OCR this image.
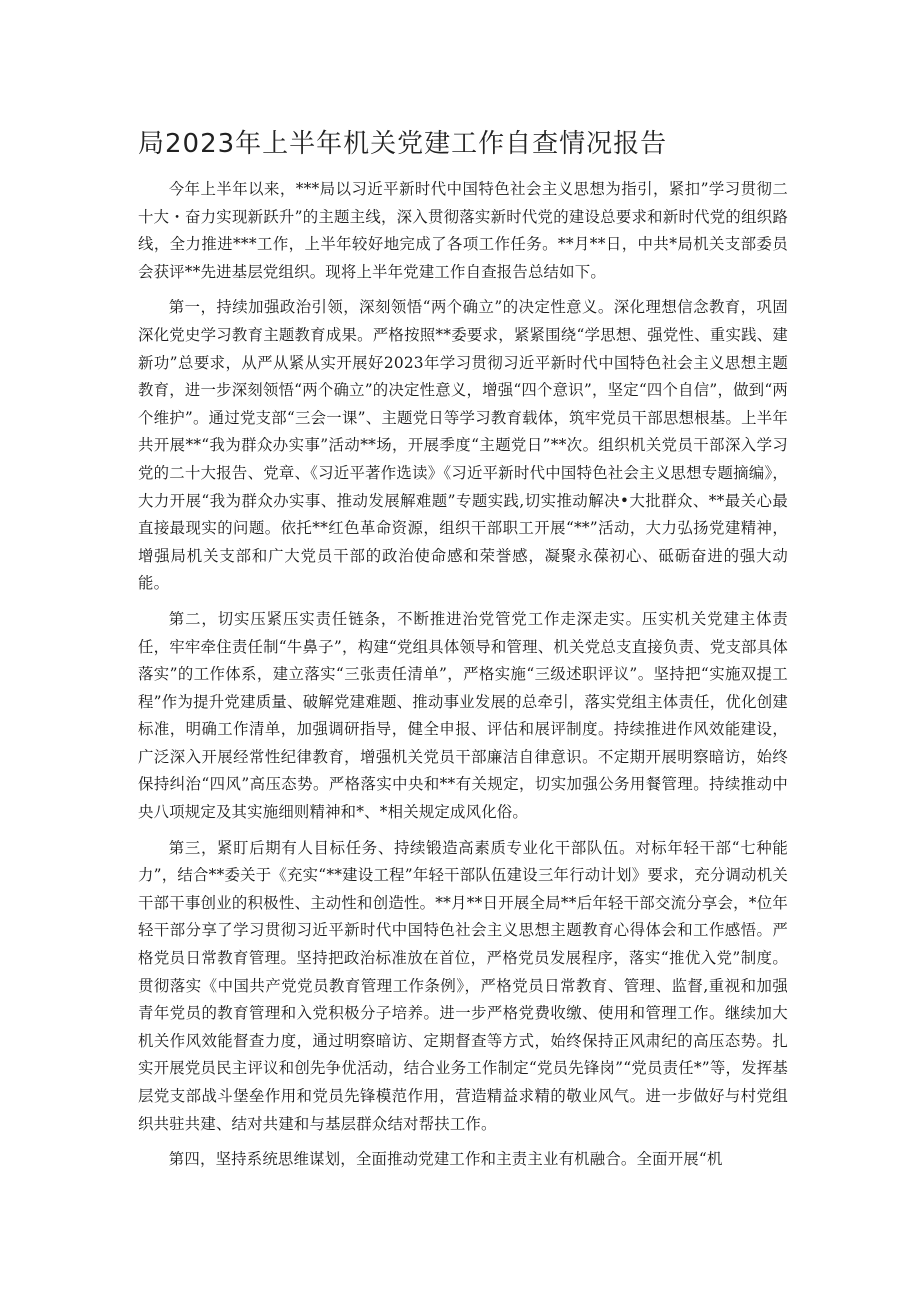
局2023年上半年机关党建工作自查情况报告

今年上半年以来，***局以习近平新时代中国特色社会主义思想为指引，紧扣”学习贯彻二十大・奋力实现新跃升”的主题主线，深入贯彻落实新时代党的建设总要求和新时代党的组织路线，全力推进***工作，上半年较好地完成了各项工作任务。**月**日，中共*局机关支部委员会获评**先进基层党组织。现将上半年党建工作自查报告总结如下。

第一，持续加强政治引领，深刻领悟“两个确立”的决定性意义。深化理想信念教育，巩固深化党史学习教育主题教育成果。严格按照**委要求，紧紧围绕“学思想、强党性、重实践、建新功”总要求，从严从紧从实开展好2023年学习贯彻习近平新时代中国特色社会主义思想主题教育，进一步深刻领悟“两个确立”的决定性意义，增强“四个意识”，坚定“四个自信”，做到“两个维护”。通过党支部“三会一课”、主题党日等学习教育载体，筑牢党员干部思想根基。上半年共开展**“我为群众办实事”活动**场，开展季度“主题党日”**次。组织机关党员干部深入学习党的二十大报告、党章、《习近平著作选读》《习近平新时代中国特色社会主义思想专题摘编》，大力开展“我为群众办实事、推动发展解难题”专题实践,切实推动解决•大批群众、**最关心最直接最现实的问题。依托**红色革命资源，组织干部职工开展“**”活动，大力弘扬党建精神，增强局机关支部和广大党员干部的政治使命感和荣誉感，凝聚永葆初心、砥砺奋进的强大动能。

第二，切实压紧压实责任链条，不断推进治党管党工作走深走实。压实机关党建主体责任，牢牢牵住责任制“牛鼻子”，构建“党组具体领导和管理、机关党总支直接负责、党支部具体落实”的工作体系，建立落实“三张责任清单”，严格实施“三级述职评议”。坚持把“实施双提工程”作为提升党建质量、破解党建难题、推动事业发展的总牵引，落实党组主体责任，优化创建标准，明确工作清单，加强调研指导，健全申报、评估和展评制度。持续推进作风效能建设，广泛深入开展经常性纪律教育，增强机关党员干部廉洁自律意识。不定期开展明察暗访，始终保持纠治“四风”高压态势。严格落实中央和**有关规定，切实加强公务用餐管理。持续推动中央八项规定及其实施细则精神和*、*相关规定成风化俗。

第三，紧盯后期有人目标任务、持续锻造高素质专业化干部队伍。对标年轻干部“七种能力”，结合**委关于《充实“**建设工程”年轻干部队伍建设三年行动计划》要求，充分调动机关干部干事创业的积极性、主动性和创造性。**月**日开展全局**后年轻干部交流分享会，*位年轻干部分享了学习贯彻习近平新时代中国特色社会主义思想主题教育心得体会和工作感悟。严格党员日常教育管理。坚持把政治标准放在首位，严格党员发展程序，落实“推优入党”制度。贯彻落实《中国共产党党员教育管理工作条例》，严格党员日常教育、管理、监督,重视和加强青年党员的教育管理和入党积极分子培养。进一步严格党费收缴、使用和管理工作。继续加大机关作风效能督查力度，通过明察暗访、定期督查等方式，始终保持正风肃纪的高压态势。扎实开展党员民主评议和创先争优活动，结合业务工作制定“党员先锋岗”“党员责任*”等，发挥基层党支部战斗堡垒作用和党员先锋模范作用，营造精益求精的敬业风气。进一步做好与村党组织共驻共建、结对共建和与基层群众结对帮扶工作。

第四，坚持系统思维谋划，全面推动党建工作和主责主业有机融合。全面开展“机
